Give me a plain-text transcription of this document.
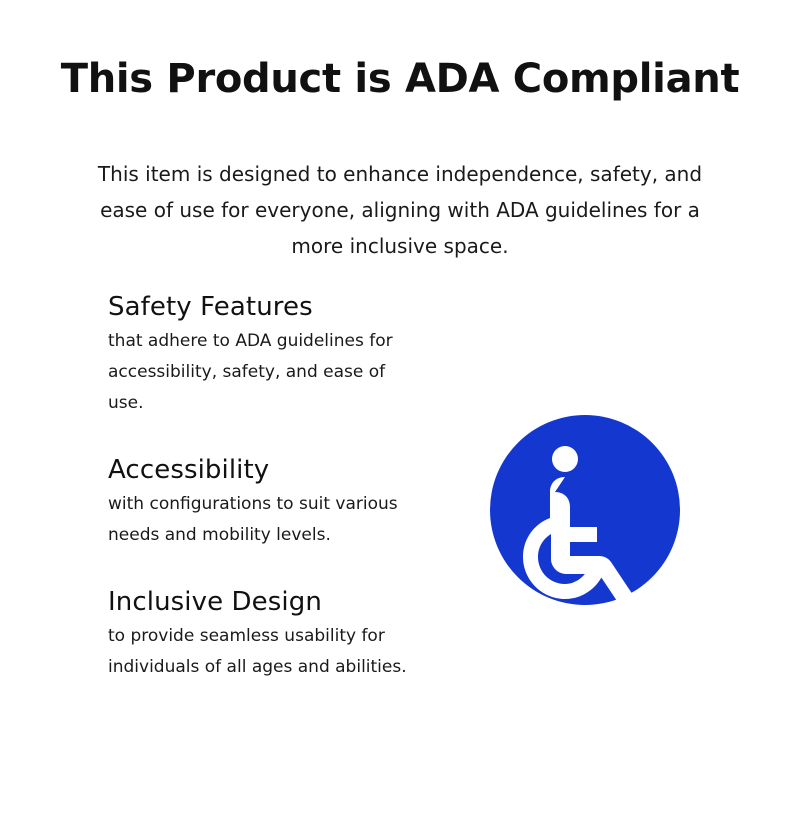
This Product is ADA Compliant

This item is designed to enhance independence, safety, and ease of use for everyone, aligning with ADA guidelines for a more inclusive space.

Safety Features
that adhere to ADA guidelines for accessibility, safety, and ease of use.
Accessibility
with configurations to suit various needs and mobility levels.
Inclusive Design
to provide seamless usability for individuals of all ages and abilities.
